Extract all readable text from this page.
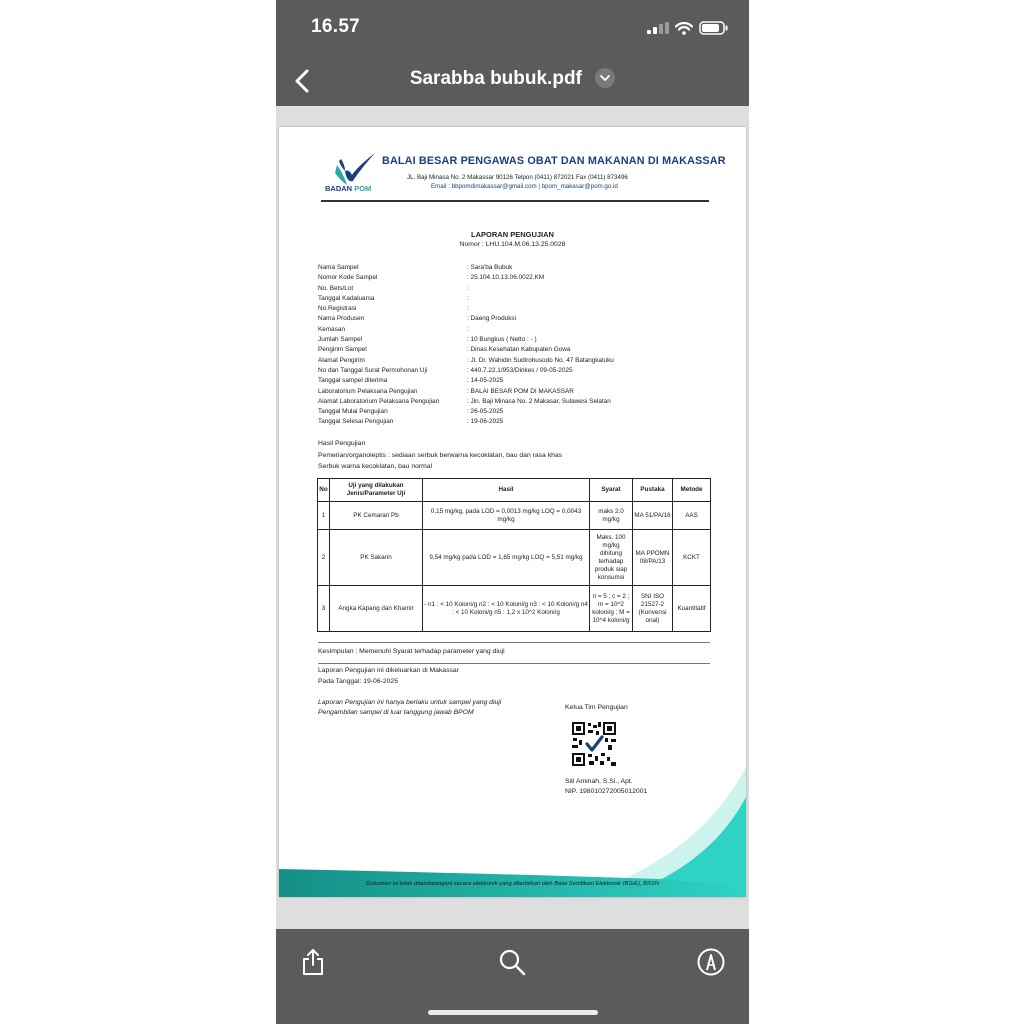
16.57
Sarabba bubuk.pdf
BADAN POM
BALAI BESAR PENGAWAS OBAT DAN MAKANAN DI MAKASSAR
JL. Baji Minasa No. 2 Makassar 90126 Telpon (0411) 872021 Fax (0411) 873496
Email : bbpomdimakassar@gmail.com | bpom_makasar@pom.go.id
LAPORAN PENGUJIAN
Nomor : LHU.104.M.06.13.25.0028
Nama Sampel	: Sara'ba Bubuk
Nomor Kode Sampel	: 25.104.10.13.06.0022.KM
No. Bets/Lot	:
Tanggal Kadaluarsa	:
No.Registrasi	:
Nama Produsen	: Daeng Produksi
Kemasan	:
Jumlah Sampel	: 10 Bungkus ( Netto : - )
Pengirim Sampel	: Dinas Kesehatan Kabupaten Gowa
Alamat Pengirim	: Jl. Dr. Wahidin Sudirohusodo No. 47 Batangkaluku
No dan Tanggal Surat Permohonan Uji	: 440.7.22.1/953/Dinkes / 09-05-2025
Tanggal sampel diterima	: 14-05-2025
Laboratorium Pelaksana Pengujian	: BALAI BESAR POM DI MAKASSAR
Alamat Laboratorium Pelaksana Pengujian	: Jln. Baji Minasa No. 2 Makasar, Sulawesi Selatan
Tanggal Mulai Pengujian	: 26-05-2025
Tanggal Selesai Pengujian	: 19-06-2025
Hasil Pengujian
Pemerian/organoleptis : sediaan serbuk berwarna kecoklatan, bau dan rasa khas
Serbuk warna kecoklatan, bau normal
No	Uji yang dilakukan Jenis/Parameter Uji	Hasil	Syarat	Pustaka	Metode
1	PK Cemaran Pb	0,15 mg/kg, pada LOD = 0,0013 mg/kg LOQ = 0,0043 mg/kg	maks 2.0 mg/kg	MA 51/PA/16	AAS
2	PK Sakarin	9,54 mg/kg pada LOD = 1,65 mg/kg LOQ = 5,51 mg/kg	Maks. 100 mg/kg dihitung terhadap produk siap konsumsi	MA PPOMN 08/PA/13	KCKT
3	Angka Kapang dan Khamir	- n1 : < 10 Koloni/g n2 : < 10 Koloni/g n3 : < 10 Koloni/g n4 : < 10 Koloni/g n5 : 1,2 x 10^2 Koloni/g	n = 5 ; c = 2 ; m = 10^2 koloni/g ; M = 10^4 koloni/g	SNI ISO 21527-2 (Konvensi onal)	Kuantitatif
Kesimpulan : Memenuhi Syarat terhadap parameter yang diuji
Laporan Pengujian ini dikeluarkan di Makassar
Pada Tanggal: 19-06-2025
Laporan Pengujian ini hanya berlaku untuk sampel yang diuji
Pengambilan sampel di luar tanggung jawab BPOM
Ketua Tim Pengujian
Siti Aminah, S.Si., Apt.
NIP. 198010272005012001
Dokumen ini telah ditandatangani secara elektronik yang diterbitkan oleh Balai Sertifikasi Elektronik (BSrE), BSSN
